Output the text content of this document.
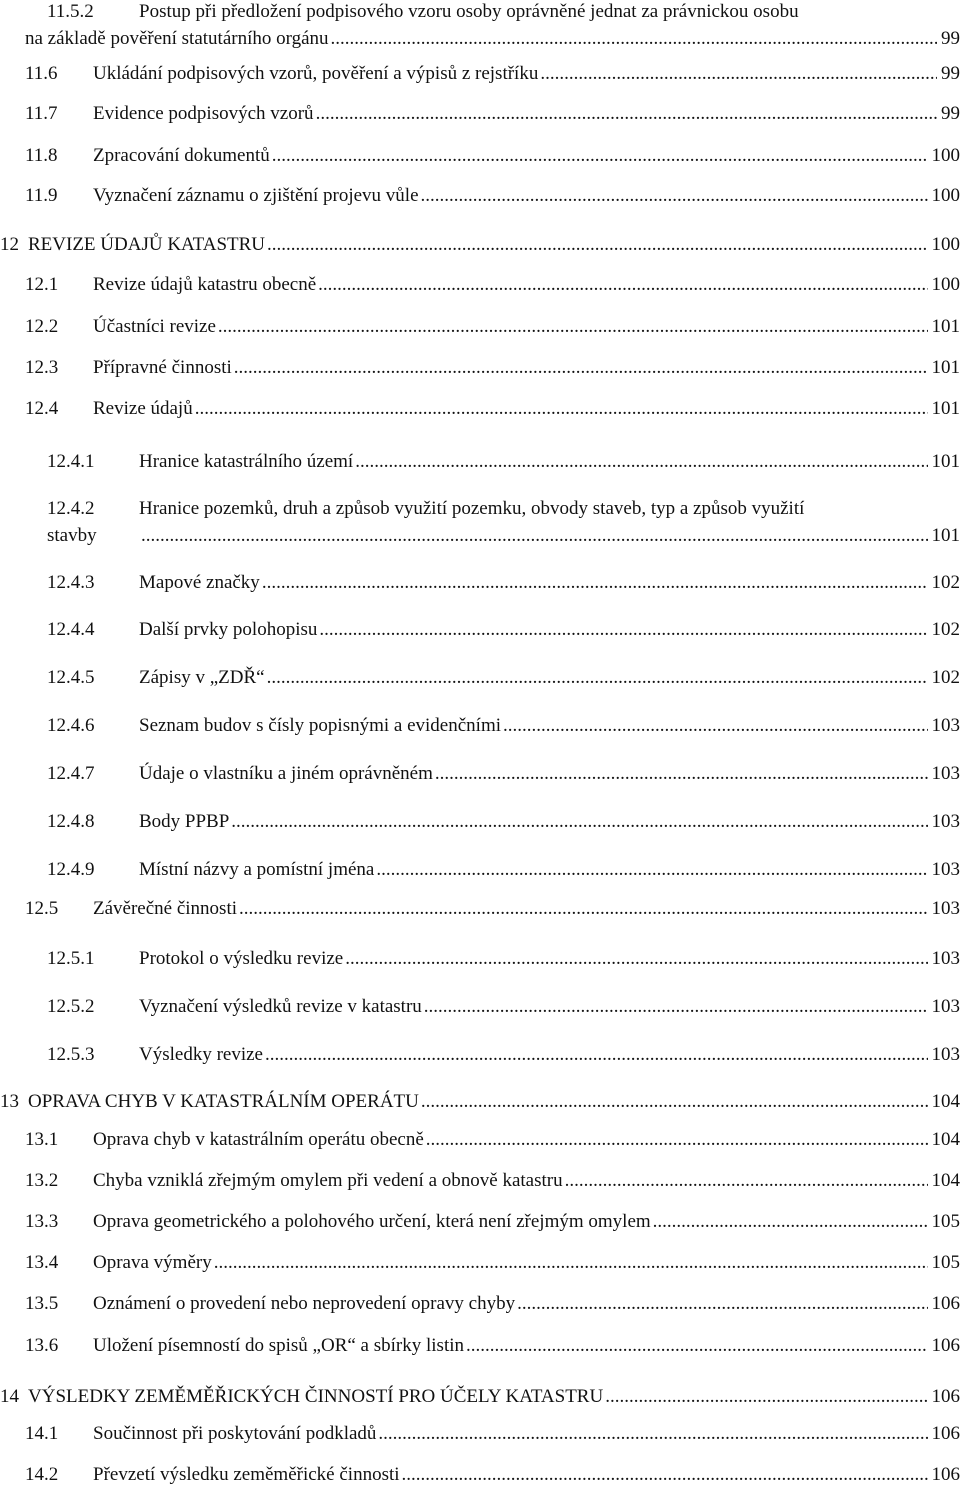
11.5.2 Postup při předložení podpisového vzoru osoby oprávněné jednat za právnickou osobu
na základě pověření statutárního orgánu .....	99
11.6 Ukládání podpisových vzorů, pověření a výpisů z rejstříku .....	99
11.7 Evidence podpisových vzorů .....	99
11.8 Zpracování dokumentů .....	100
11.9 Vyznačení záznamu o zjištění projevu vůle .....	100
12 REVIZE ÚDAJŮ KATASTRU .....	100
12.1 Revize údajů katastru obecně .....	100
12.2 Účastníci revize .....	101
12.3 Přípravné činnosti .....	101
12.4 Revize údajů .....	101
12.4.1 Hranice katastrálního území .....	101
12.4.2 Hranice pozemků, druh a způsob využití pozemku, obvody staveb, typ a způsob využití
stavby .....	101
12.4.3 Mapové značky .....	102
12.4.4 Další prvky polohopisu .....	102
12.4.5 Zápisy v „ZDŘ“ .....	102
12.4.6 Seznam budov s čísly popisnými a evidenčními .....	103
12.4.7 Údaje o vlastníku a jiném oprávněném .....	103
12.4.8 Body PPBP .....	103
12.4.9 Místní názvy a pomístní jména .....	103
12.5 Závěrečné činnosti .....	103
12.5.1 Protokol o výsledku revize .....	103
12.5.2 Vyznačení výsledků revize v katastru .....	103
12.5.3 Výsledky revize .....	103
13 OPRAVA CHYB V KATASTRÁLNÍM OPERÁTU .....	104
13.1 Oprava chyb v katastrálním operátu obecně .....	104
13.2 Chyba vzniklá zřejmým omylem při vedení a obnově katastru .....	104
13.3 Oprava geometrického a polohového určení, která není zřejmým omylem .....	105
13.4 Oprava výměry .....	105
13.5 Oznámení o provedení nebo neprovedení opravy chyby .....	106
13.6 Uložení písemností do spisů „OR“ a sbírky listin .....	106
14 VÝSLEDKY ZEMĚMĚŘICKÝCH ČINNOSTÍ PRO ÚČELY KATASTRU .....	106
14.1 Součinnost při poskytování podkladů .....	106
14.2 Převzetí výsledku zeměměřické činnosti .....	106
